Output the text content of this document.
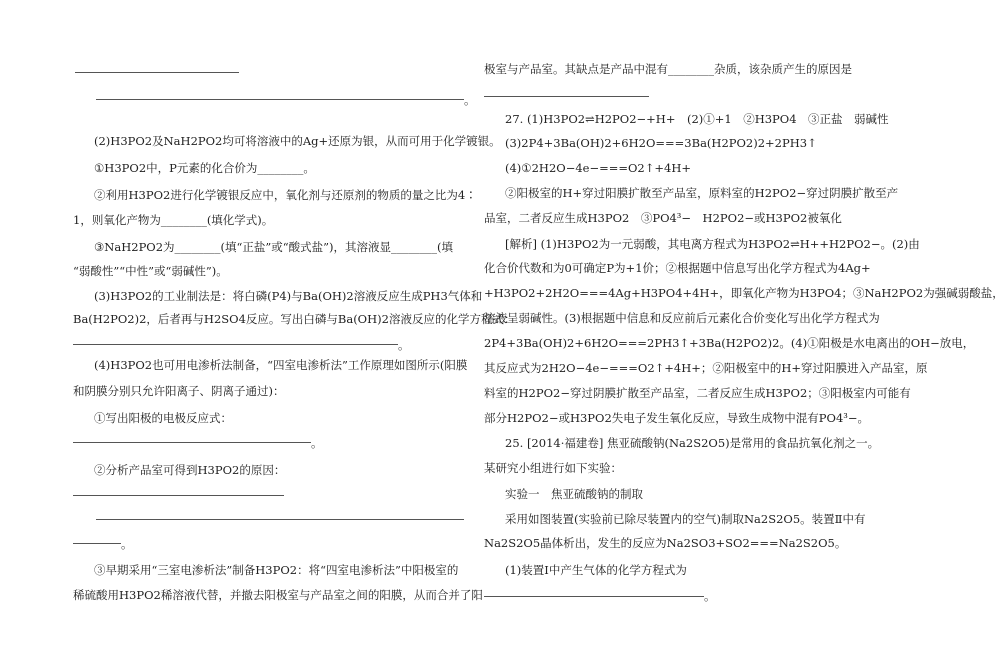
。
(2)H3PO2及NaH2PO2均可将溶液中的Ag+还原为银，从而可用于化学镀银。
①H3PO2中，P元素的化合价为________。
②利用H3PO2进行化学镀银反应中，氧化剂与还原剂的物质的量之比为4∶
1，则氧化产物为________(填化学式)。
③NaH2PO2为________(填“正盐”或“酸式盐”)，其溶液显________(填
“弱酸性”“中性”或“弱碱性”)。
(3)H3PO2的工业制法是：将白磷(P4)与Ba(OH)2溶液反应生成PH3气体和
Ba(H2PO2)2，后者再与H2SO4反应。写出白磷与Ba(OH)2溶液反应的化学方程式：
。
(4)H3PO2也可用电渗析法制备，“四室电渗析法”工作原理如图所示(阳膜
和阴膜分别只允许阳离子、阴离子通过)：
①写出阳极的电极反应式：
。
②分析产品室可得到H3PO2的原因：
。
③早期采用“三室电渗析法”制备H3PO2：将“四室电渗析法”中阳极室的
稀硫酸用H3PO2稀溶液代替，并撤去阳极室与产品室之间的阳膜，从而合并了阳
极室与产品室。其缺点是产品中混有________杂质，该杂质产生的原因是
27. (1)H3PO2⇌H2PO2−+H+　(2)①+1　②H3PO4　③正盐　弱碱性
(3)2P4+3Ba(OH)2+6H2O===3Ba(H2PO2)2+2PH3↑
(4)①2H2O−4e−===O2↑+4H+
②阳极室的H+穿过阳膜扩散至产品室，原料室的H2PO2−穿过阴膜扩散至产
品室，二者反应生成H3PO2　③PO4³−　H2PO2−或H3PO2被氧化
[解析] (1)H3PO2为一元弱酸，其电离方程式为H3PO2⇌H++H2PO2−。(2)由
化合价代数和为0可确定P为+1价；②根据题中信息写出化学方程式为4Ag+
+H3PO2+2H2O===4Ag+H3PO4+4H+，即氧化产物为H3PO4；③NaH2PO2为强碱弱酸盐，
溶液呈弱碱性。(3)根据题中信息和反应前后元素化合价变化写出化学方程式为
2P4+3Ba(OH)2+6H2O===2PH3↑+3Ba(H2PO2)2。(4)①阳极是水电离出的OH−放电，
其反应式为2H2O−4e−===O2↑+4H+；②阳极室中的H+穿过阳膜进入产品室，原
料室的H2PO2−穿过阴膜扩散至产品室，二者反应生成H3PO2；③阳极室内可能有
部分H2PO2−或H3PO2失电子发生氧化反应，导致生成物中混有PO4³−。
25. [2014·福建卷] 焦亚硫酸钠(Na2S2O5)是常用的食品抗氧化剂之一。
某研究小组进行如下实验：
实验一　焦亚硫酸钠的制取
采用如图装置(实验前已除尽装置内的空气)制取Na2S2O5。装置Ⅱ中有
Na2S2O5晶体析出，发生的反应为Na2SO3+SO2===Na2S2O5。
(1)装置Ⅰ中产生气体的化学方程式为
。
